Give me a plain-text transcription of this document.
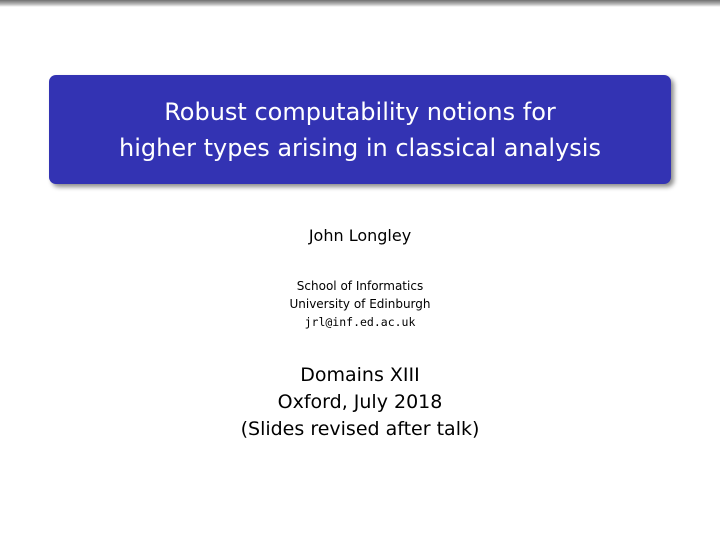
Robust computability notions for
higher types arising in classical analysis
John Longley
School of Informatics
University of Edinburgh
jrl@inf.ed.ac.uk
Domains XIII
Oxford, July 2018
(Slides revised after talk)
